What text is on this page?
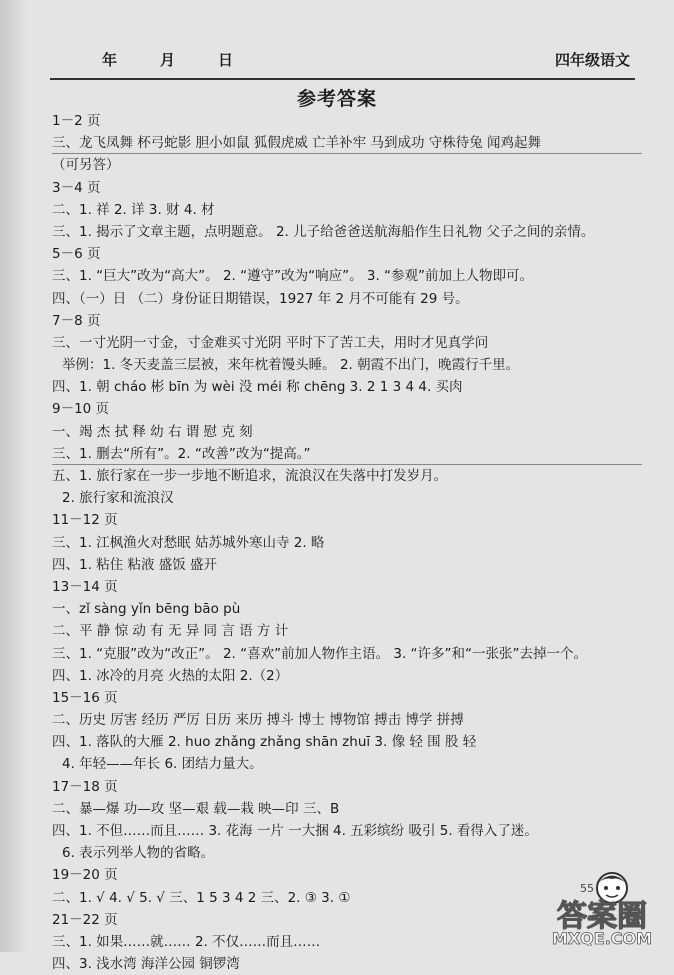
年	月	日	四年级语文
参考答案
1－2 页
三、龙飞凤舞 杯弓蛇影 胆小如鼠 狐假虎威 亡羊补牢 马到成功 守株待兔 闻鸡起舞
（可另答）
3－4 页
二、1. 祥 2. 详 3. 财 4. 材
三、1. 揭示了文章主题，点明题意。 2. 儿子给爸爸送航海船作生日礼物 父子之间的亲情。
5－6 页
三、1. “巨大”改为“高大”。 2. “遵守”改为“响应”。 3. “参观”前加上人物即可。
四、（一）日 （二）身份证日期错误，1927 年 2 月不可能有 29 号。
7－8 页
三、一寸光阴一寸金，寸金难买寸光阴 平时下了苦工夫，用时才见真学问
举例：1. 冬天麦盖三层被，来年枕着馒头睡。 2. 朝霞不出门，晚霞行千里。
四、1. 朝 cháo 彬 bīn 为 wèi 没 méi 称 chēng 3. 2 1 3 4 4. 买肉
9－10 页
一、竭 杰 拭 释 幼 右 谓 慰 克 刻
三、1. 删去“所有”。2. “改善”改为“提高。”
五、1. 旅行家在一步一步地不断追求，流浪汉在失落中打发岁月。
2. 旅行家和流浪汉
11－12 页
三、1. 江枫渔火对愁眠 姑苏城外寒山寺 2. 略
四、1. 粘住 粘液 盛饭 盛开
13－14 页
一、zǐ sàng yǐn bēng bāo pù
二、平 静 惊 动 有 无 异 同 言 语 方 计
三、1. “克服”改为“改正”。 2. “喜欢”前加人物作主语。 3. “许多”和“一张张”去掉一个。
四、1. 冰冷的月亮 火热的太阳 2.（2）
15－16 页
二、历史 厉害 经历 严厉 日历 来历 搏斗 博士 博物馆 搏击 博学 拼搏
四、1. 落队的大雁 2. huo zhǎng zhǎng shān zhuī 3. 像 轻 围 股 轻
4. 年轻——年长 6. 团结力量大。
17－18 页
二、暴—爆 功—攻 坚—艰 载—栽 映—印 三、B
四、1. 不但……而且…… 3. 花海 一片 一大捆 4. 五彩缤纷 吸引 5. 看得入了迷。
6. 表示列举人物的省略。
19－20 页
二、1. √ 4. √ 5. √ 三、1 5 3 4 2 三、2. ③ 3. ①
21－22 页
三、1. 如果……就…… 2. 不仅……而且……
四、3. 浅水湾 海洋公园 铜锣湾
55
答案圈
MXQE.COM
